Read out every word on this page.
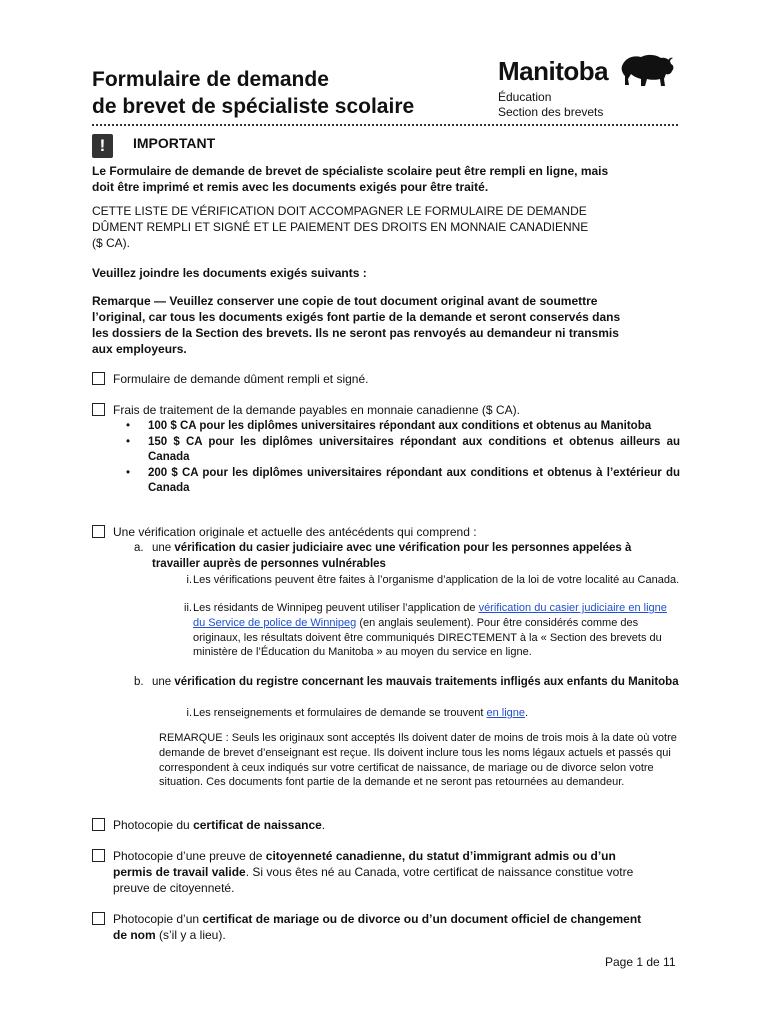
Formulaire de demande
de brevet de spécialiste scolaire
Manitoba
Éducation
Section des brevets
!	IMPORTANT
Le Formulaire de demande de brevet de spécialiste scolaire peut être rempli en ligne, mais
doit être imprimé et remis avec les documents exigés pour être traité.
CETTE LISTE DE VÉRIFICATION DOIT ACCOMPAGNER LE FORMULAIRE DE DEMANDE
DÛMENT REMPLI ET SIGNÉ ET LE PAIEMENT DES DROITS EN MONNAIE CANADIENNE
($ CA).
Veuillez joindre les documents exigés suivants :
Remarque — Veuillez conserver une copie de tout document original avant de soumettre
l’original, car tous les documents exigés font partie de la demande et seront conservés dans
les dossiers de la Section des brevets. Ils ne seront pas renvoyés au demandeur ni transmis
aux employeurs.
Formulaire de demande dûment rempli et signé.
Frais de traitement de la demande payables en monnaie canadienne ($ CA).
• 100 $ CA pour les diplômes universitaires répondant aux conditions et obtenus au Manitoba
• 150 $ CA pour les diplômes universitaires répondant aux conditions et obtenus ailleurs au Canada
• 200 $ CA pour les diplômes universitaires répondant aux conditions et obtenus à l’extérieur du Canada
Une vérification originale et actuelle des antécédents qui comprend :
a. une vérification du casier judiciaire avec une vérification pour les personnes appelées à travailler auprès de personnes vulnérables
i. Les vérifications peuvent être faites à l’organisme d’application de la loi de votre localité au Canada.
ii. Les résidants de Winnipeg peuvent utiliser l’application de vérification du casier judiciaire en ligne du Service de police de Winnipeg (en anglais seulement). Pour être considérés comme des originaux, les résultats doivent être communiqués DIRECTEMENT à la « Section des brevets du ministère de l’Éducation du Manitoba » au moyen du service en ligne.
b. une vérification du registre concernant les mauvais traitements infligés aux enfants du Manitoba
i. Les renseignements et formulaires de demande se trouvent en ligne.
REMARQUE : Seuls les originaux sont acceptés Ils doivent dater de moins de trois mois à la date où votre demande de brevet d’enseignant est reçue. Ils doivent inclure tous les noms légaux actuels et passés qui correspondent à ceux indiqués sur votre certificat de naissance, de mariage ou de divorce selon votre situation. Ces documents font partie de la demande et ne seront pas retournées au demandeur.
Photocopie du certificat de naissance.
Photocopie d’une preuve de citoyenneté canadienne, du statut d’immigrant admis ou d’un
permis de travail valide. Si vous êtes né au Canada, votre certificat de naissance constitue votre
preuve de citoyenneté.
Photocopie d’un certificat de mariage ou de divorce ou d’un document officiel de changement
de nom (s’il y a lieu).
Page 1 de 11
